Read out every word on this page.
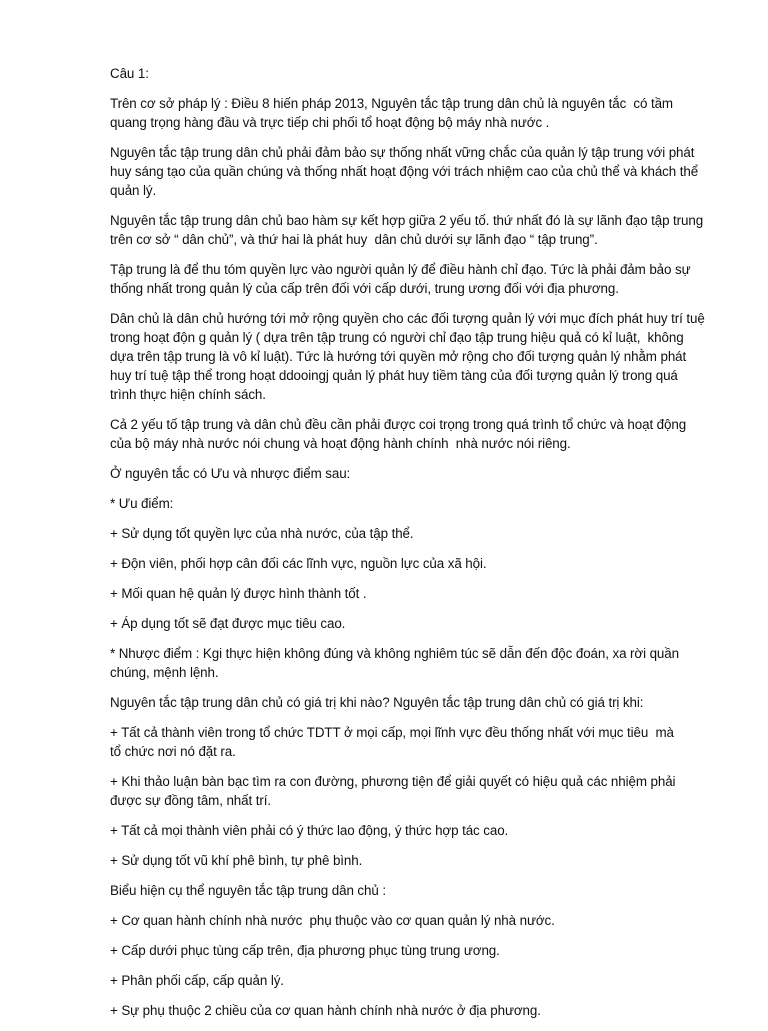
Câu 1:

Trên cơ sở pháp lý : Điều 8 hiến pháp 2013, Nguyên tắc tập trung dân chủ là nguyên tắc  có tầm
quang trọng hàng đầu và trực tiếp chi phối tổ hoạt động bộ máy nhà nước .

Nguyên tắc tập trung dân chủ phải đảm bảo sự thống nhất vững chắc của quản lý tập trung với phát
huy sáng tạo của quần chúng và thống nhất hoạt động với trách nhiệm cao của chủ thể và khách thể
quản lý.

Nguyên tắc tập trung dân chủ bao hàm sự kết hợp giữa 2 yếu tố. thứ nhất đó là sự lãnh đạo tập trung
trên cơ sở “ dân chủ”, và thứ hai là phát huy  dân chủ dưới sự lãnh đạo “ tập trung”.

Tập trung là để thu tóm quyền lực vào người quản lý để điều hành chỉ đạo. Tức là phải đảm bảo sự
thống nhất trong quản lý của cấp trên đối với cấp dưới, trung ương đối với địa phương.

Dân chủ là dân chủ hướng tới mở rộng quyền cho các đối tượng quản lý với mục đích phát huy trí tuệ
trong hoạt độn g quản lý ( dựa trên tập trung có người chỉ đạo tập trung hiệu quả có kỉ luật,  không
dựa trên tập trung là vô kỉ luật). Tức là hướng tới quyền mở rộng cho đối tượng quản lý nhằm phát
huy trí tuệ tập thể trong hoạt ddooingj quản lý phát huy tiềm tàng của đối tượng quản lý trong quá
trình thực hiện chính sách.

Cả 2 yếu tố tập trung và dân chủ đều cần phải được coi trọng trong quá trình tổ chức và hoạt động
của bộ máy nhà nước nói chung và hoạt động hành chính  nhà nước nói riêng.

Ở nguyên tắc có Ưu và nhược điểm sau:

* Ưu điểm:

+ Sử dụng tốt quyền lực của nhà nước, của tập thể.

+ Độn viên, phối hợp cân đối các lĩnh vực, nguồn lực của xã hội.

+ Mối quan hệ quản lý được hình thành tốt .

+ Áp dụng tốt sẽ đạt được mục tiêu cao.

* Nhược điểm : Kgi thực hiện không đúng và không nghiêm túc sẽ dẫn đến độc đoán, xa rời quần
chúng, mệnh lệnh.

Nguyên tắc tập trung dân chủ có giá trị khi nào? Nguyên tắc tập trung dân chủ có giá trị khi:

+ Tất cả thành viên trong tổ chức TDTT ở mọi cấp, mọi lĩnh vực đều thống nhất với mục tiêu  mà
tổ chức nơi nó đặt ra.

+ Khi thảo luận bàn bạc tìm ra con đường, phương tiện để giải quyết có hiệu quả các nhiệm phải
được sự đồng tâm, nhất trí.

+ Tất cả mọi thành viên phải có ý thức lao động, ý thức hợp tác cao.

+ Sử dụng tốt vũ khí phê bình, tự phê bình.

Biểu hiện cụ thể nguyên tắc tập trung dân chủ :

+ Cơ quan hành chính nhà nước  phụ thuộc vào cơ quan quản lý nhà nước.

+ Cấp dưới phục tùng cấp trên, địa phương phục tùng trung ương.

+ Phân phối cấp, cấp quản lý.

+ Sự phụ thuộc 2 chiều của cơ quan hành chính nhà nước ở địa phương.
